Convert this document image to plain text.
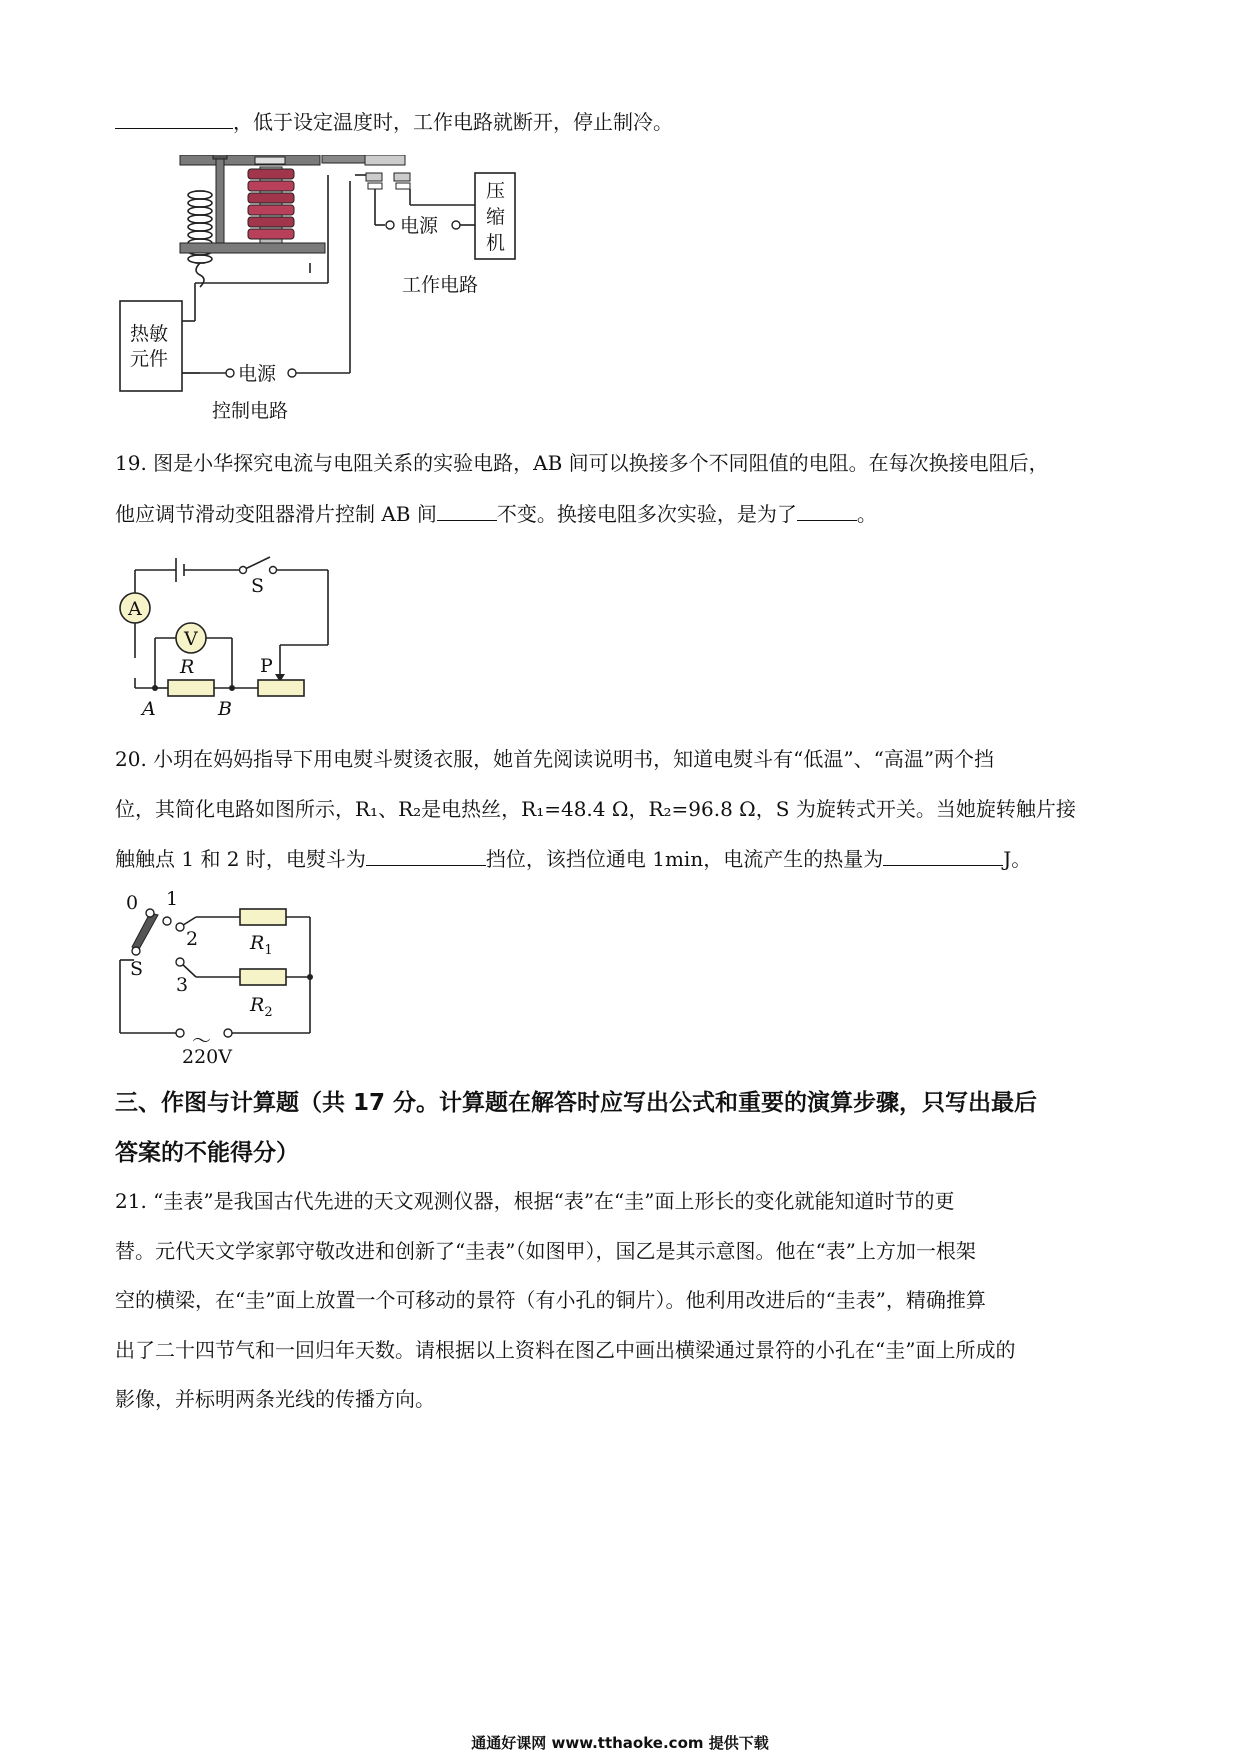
，低于设定温度时，工作电路就断开，停止制冷。
压
缩
机
电源
工作电路
热敏
元件
电源
控制电路
19. 图是小华探究电流与电阻关系的实验电路，AB 间可以换接多个不同阻值的电阻。在每次换接电阻后，
他应调节滑动变阻器滑片控制 AB 间	不变。换接电阻多次实验，是为了	。
S
A
V
R	P
A	B
20. 小玥在妈妈指导下用电熨斗熨烫衣服，她首先阅读说明书，知道电熨斗有“低温”、“高温”两个挡
位，其简化电路如图所示，R₁、R₂是电热丝，R₁=48.4 Ω，R₂=96.8 Ω，S 为旋转式开关。当她旋转触片接
触触点 1 和 2 时，电熨斗为	挡位，该挡位通电 1min，电流产生的热量为	J。
0 1
2
3
S
$R_1$
$R_2$
～
220V
三、作图与计算题（共 17 分。计算题在解答时应写出公式和重要的演算步骤，只写出最后
答案的不能得分）
21. “圭表”是我国古代先进的天文观测仪器，根据“表”在“圭”面上形长的变化就能知道时节的更
替。元代天文学家郭守敬改进和创新了“圭表”（如图甲），国乙是其示意图。他在“表”上方加一根架
空的横梁，在“圭”面上放置一个可移动的景符（有小孔的铜片）。他利用改进后的“圭表”，精确推算
出了二十四节气和一回归年天数。请根据以上资料在图乙中画出横梁通过景符的小孔在“圭”面上所成的
影像，并标明两条光线的传播方向。
通通好课网 www.tthaoke.com 提供下载
